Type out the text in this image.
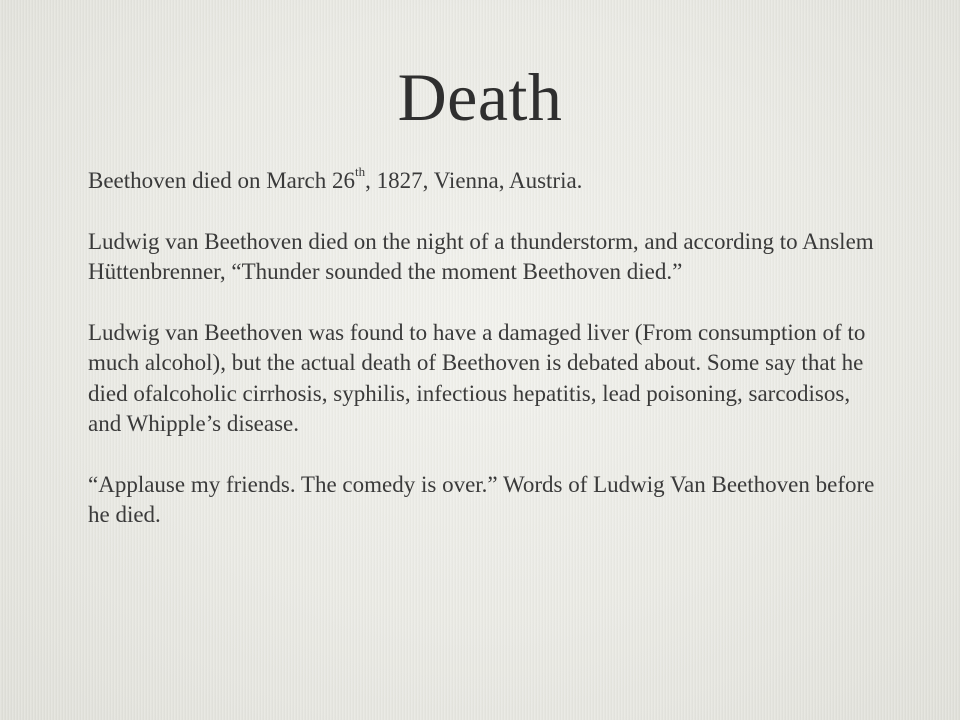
Death

Beethoven died on March 26th, 1827, Vienna, Austria.

Ludwig van Beethoven died on the night of a thunderstorm, and according to Anslem Hüttenbrenner, “Thunder sounded the moment Beethoven died.”

Ludwig van Beethoven was found to have a damaged liver (From consumption of to much alcohol), but the actual death of Beethoven is debated about. Some say that he died ofalcoholic cirrhosis, syphilis, infectious hepatitis, lead poisoning, sarcodisos, and Whipple’s disease.

“Applause my friends. The comedy is over.” Words of Ludwig Van Beethoven before he died.
